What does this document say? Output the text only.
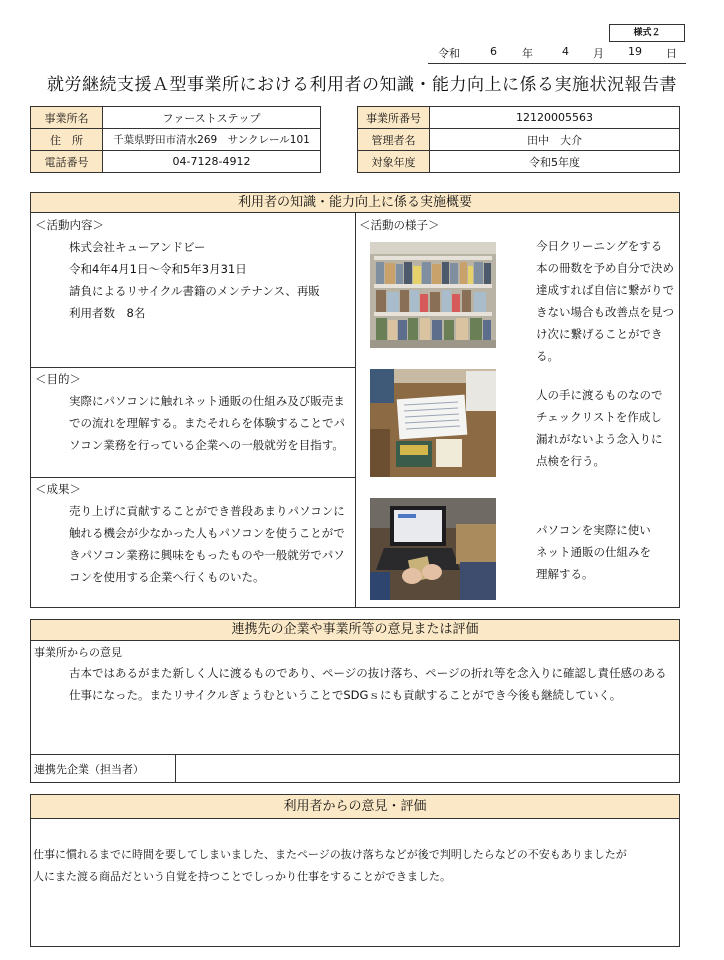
様式２
令和	6 年	4 月 19 日
就労継続支援Ａ型事業所における利用者の知識・能力向上に係る実施状況報告書
事業所名	ファーストステップ
住　所	千葉県野田市清水269　サンクレール101
電話番号	04-7128-4912
事業所番号	12120005563
管理者名	田中　大介
対象年度	令和5年度
利用者の知識・能力向上に係る実施概要
＜活動内容＞
株式会社キューアンドビー
令和4年4月1日～令和5年3月31日
請負によるリサイクル書籍のメンテナンス、再販
利用者数　8名
＜目的＞
実際にパソコンに触れネット通販の仕組み及び販売ま
での流れを理解する。またそれらを体験することでパ
ソコン業務を行っている企業への一般就労を目指す。
＜成果＞
売り上げに貢献することができ普段あまりパソコンに
触れる機会が少なかった人もパソコンを使うことがで
きパソコン業務に興味をもったものや一般就労でパソ
コンを使用する企業へ行くものいた。
＜活動の様子＞
今日クリーニングをする
本の冊数を予め自分で決め
達成すれば自信に繋がりで
きない場合も改善点を見つ
け次に繋げることができる。
人の手に渡るものなので
チェックリストを作成し
漏れがないよう念入りに
点検を行う。
パソコンを実際に使い
ネット通販の仕組みを
理解する。
連携先の企業や事業所等の意見または評価
事業所からの意見
古本ではあるがまた新しく人に渡るものであり、ページの抜け落ち、ページの折れ等を念入りに確認し責任感のある
仕事になった。またリサイクルぎょうむということでSDGｓにも貢献することができ今後も継続していく。
連携先企業（担当者）
利用者からの意見・評価
仕事に慣れるまでに時間を要してしまいました、またページの抜け落ちなどが後で判明したらなどの不安もありましたが
人にまた渡る商品だという自覚を持つことでしっかり仕事をすることができました。
